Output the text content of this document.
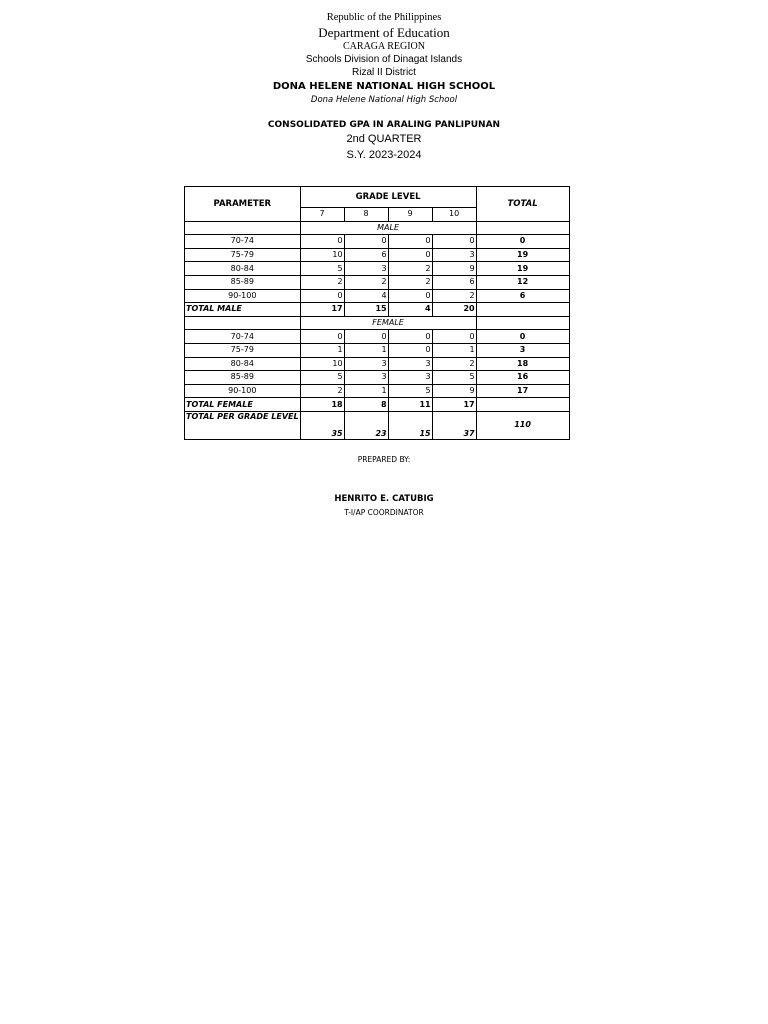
Republic of the Philippines
Department of Education
CARAGA REGION
Schools Division of Dinagat Islands
Rizal II District
DONA HELENE NATIONAL HIGH SCHOOL
Dona Helene National High School
CONSOLIDATED GPA IN ARALING PANLIPUNAN
2nd QUARTER
S.Y. 2023-2024
PARAMETER	GRADE LEVEL				TOTAL
	7	8	9	10	
	MALE				
70-74	0	0	0	0	0
75-79	10	6	0	3	19
80-84	5	3	2	9	19
85-89	2	2	2	6	12
90-100	0	4	0	2	6
TOTAL MALE	17	15	4	20	
	FEMALE				
70-74	0	0	0	0	0
75-79	1	1	0	1	3
80-84	10	3	3	2	18
85-89	5	3	3	5	16
90-100	2	1	5	9	17
TOTAL FEMALE	18	8	11	17	
TOTAL PER GRADE LEVEL	35	23	15	37	110
PREPARED BY:
HENRITO E. CATUBIG
T-I/AP COORDINATOR
